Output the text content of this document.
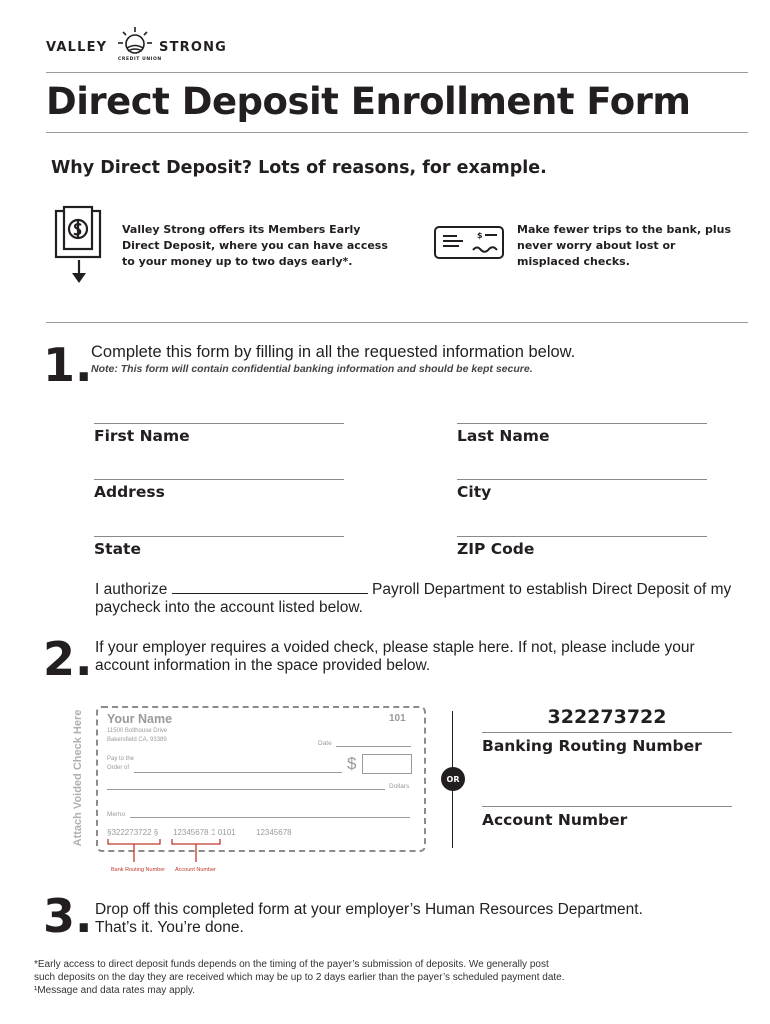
VALLEY
CREDIT UNION
STRONG
Direct Deposit Enrollment Form
Why Direct Deposit? Lots of reasons, for example.
Valley Strong offers its Members Early Direct Deposit, where you can have access to your money up to two days early*.
$	Make fewer trips to the bank, plus never worry about lost or misplaced checks.
1.
Complete this form by filling in all the requested information below.
Note: This form will contain confidential banking information and should be kept secure.
First Name	Last Name
Address	City
State	ZIP Code
I authorize	Payroll Department to establish Direct Deposit of my
paycheck into the account listed below.
2. If your employer requires a voided check, please staple here. If not, please include your
account information in the space provided below.
Attach Voided Check Here Your Name
11500 Bolthouse Drive
Bakersfield CA, 93389
101
Date
Pay to the
Order of	$
Dollars
Memo
§322273722 § 12345678 ⑄ 0101	12345678
Bank Routing Number Account Number
OR
322273722
Banking Routing Number
Account Number
3. Drop off this completed form at your employer’s Human Resources Department.
That’s it. You’re done.
*Early access to direct deposit funds depends on the timing of the payer’s submission of deposits. We generally post
such deposits on the day they are received which may be up to 2 days earlier than the payer’s scheduled payment date.
¹Message and data rates may apply.
